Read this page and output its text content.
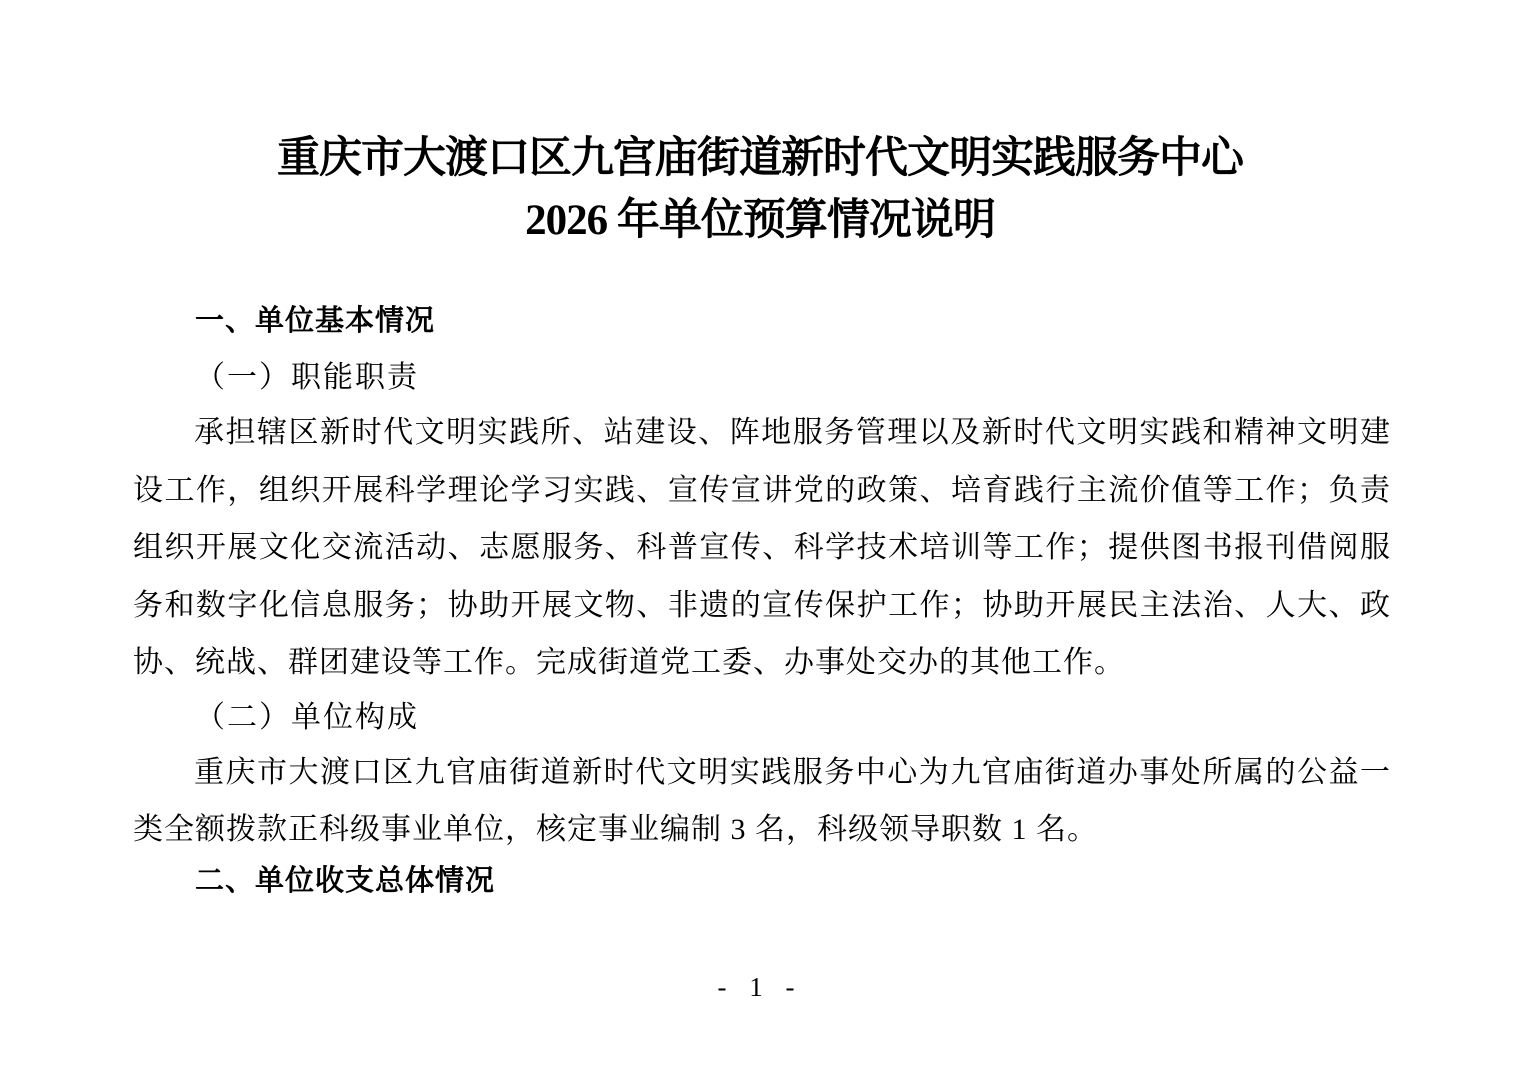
重庆市大渡口区九宫庙街道新时代文明实践服务中心
2026 年单位预算情况说明
一、单位基本情况
（一）职能职责

承担辖区新时代文明实践所、站建设、阵地服务管理以及新时代文明实践和精神文明建设工作，组织开展科学理论学习实践、宣传宣讲党的政策、培育践行主流价值等工作；负责组织开展文化交流活动、志愿服务、科普宣传、科学技术培训等工作；提供图书报刊借阅服务和数字化信息服务；协助开展文物、非遗的宣传保护工作；协助开展民主法治、人大、政协、统战、群团建设等工作。完成街道党工委、办事处交办的其他工作。

（二）单位构成

重庆市大渡口区九官庙街道新时代文明实践服务中心为九官庙街道办事处所属的公益一类全额拨款正科级事业单位，核定事业编制 3 名，科级领导职数 1 名。

二、单位收支总体情况
- 1 -
